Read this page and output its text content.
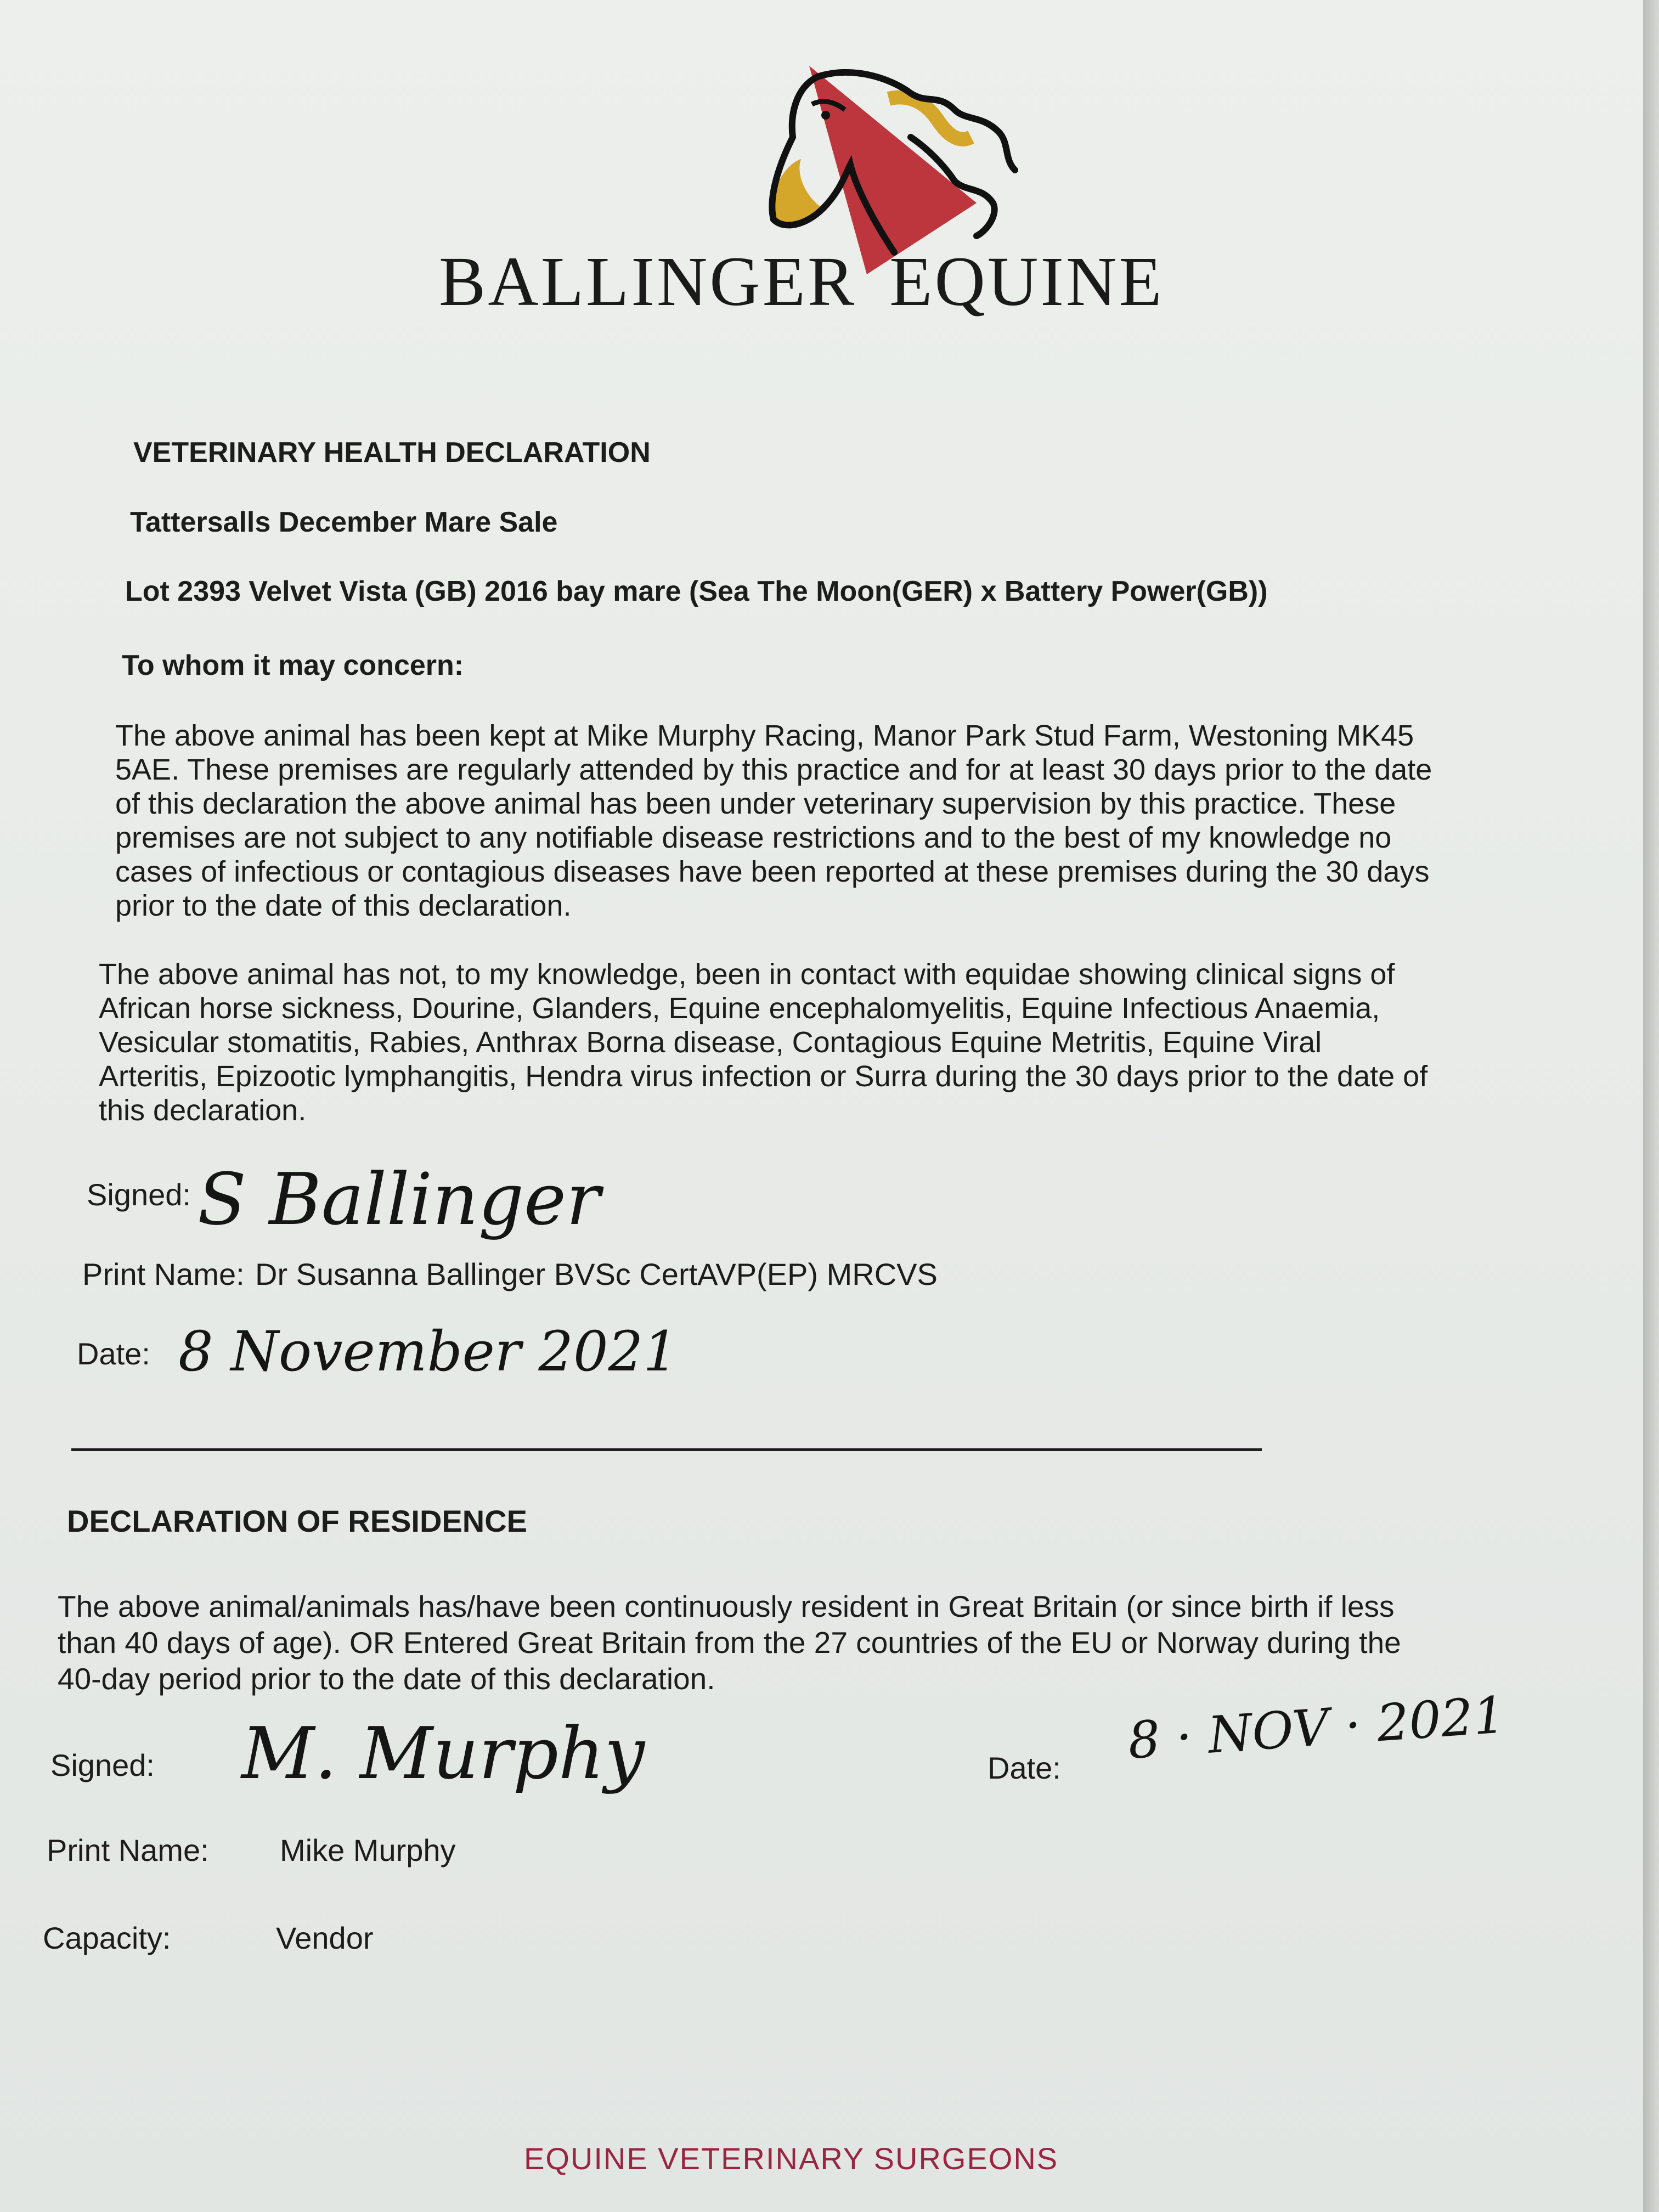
BALLINGER EQUINE
VETERINARY HEALTH DECLARATION
Tattersalls December Mare Sale
Lot 2393 Velvet Vista (GB) 2016 bay mare (Sea The Moon(GER) x Battery Power(GB))
To whom it may concern:
The above animal has been kept at Mike Murphy Racing, Manor Park Stud Farm, Westoning MK45
5AE. These premises are regularly attended by this practice and for at least 30 days prior to the date
of this declaration the above animal has been under veterinary supervision by this practice. These
premises are not subject to any notifiable disease restrictions and to the best of my knowledge no
cases of infectious or contagious diseases have been reported at these premises during the 30 days
prior to the date of this declaration.
The above animal has not, to my knowledge, been in contact with equidae showing clinical signs of
African horse sickness, Dourine, Glanders, Equine encephalomyelitis, Equine Infectious Anaemia,
Vesicular stomatitis, Rabies, Anthrax Borna disease, Contagious Equine Metritis, Equine Viral
Arteritis, Epizootic lymphangitis, Hendra virus infection or Surra during the 30 days prior to the date of
this declaration.
Signed: S Ballinger
Print Name: Dr Susanna Ballinger BVSc CertAVP(EP) MRCVS
Date: 8 November 2021
DECLARATION OF RESIDENCE
The above animal/animals has/have been continuously resident in Great Britain (or since birth if less
than 40 days of age). OR Entered Great Britain from the 27 countries of the EU or Norway during the
40-day period prior to the date of this declaration.
Signed: M. Murphy	Date: 8 · NOV · 2021
Print Name: Mike Murphy
Capacity:	Vendor
EQUINE VETERINARY SURGEONS
